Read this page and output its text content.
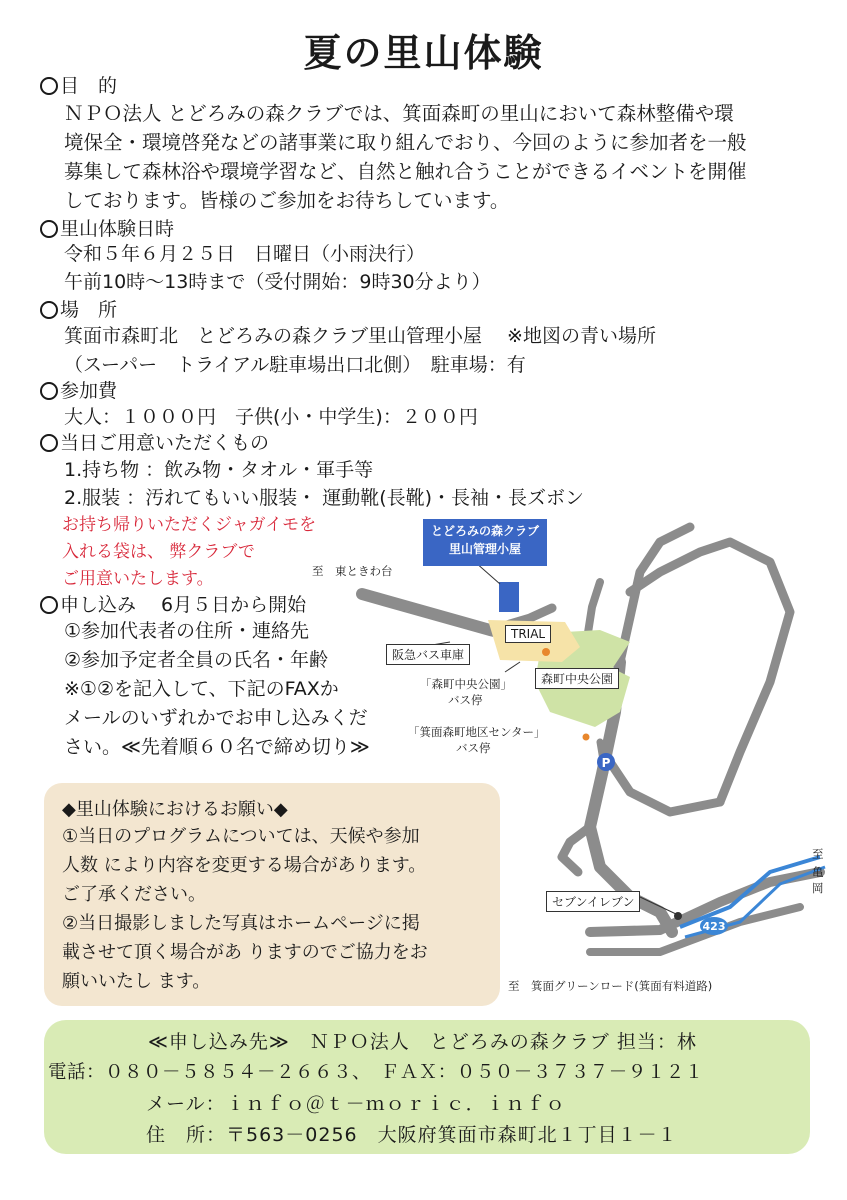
夏の里山体験
目　的
ＮＰＯ法人 とどろみの森クラブでは、箕面森町の里山において森林整備や環
境保全・環境啓発などの諸事業に取り組んでおり、今回のように参加者を一般
募集して森林浴や環境学習など、自然と触れ合うことができるイベントを開催
しております。皆様のご参加をお待ちしています。
里山体験日時
令和５年６月２５日　日曜日（小雨決行）
午前10時～13時まで（受付開始：9時30分より）
場　所
箕面市森町北　とどろみの森クラブ里山管理小屋　 ※地図の青い場所
（スーパー　トライアル駐車場出口北側）　駐車場：有
参加費
大人：１０００円　子供(小・中学生)：２００円
当日ご用意いただくもの
1.持ち物 ：飲み物・タオル・軍手等
2.服装 ：汚れてもいい服装・ 運動靴(長靴)・長袖・長ズボン
お持ち帰りいただくジャガイモを
入れる袋は、 弊クラブで
ご用意いたします。
申し込み　 6月５日から開始
①参加代表者の住所・連絡先
②参加予定者全員の氏名・年齢
※①②を記入して、下記のFAXか
メールのいずれかでお申し込みくだ
さい。≪先着順６０名で締め切り≫
423
P
とどろみの森クラブ
里山管理小屋
至　東ときわ台
TRIAL
阪急バス車庫
森町中央公園
「森町中央公園」
バス停
「箕面森町地区センター」
バス停
至
亀
岡
セブンイレブン
至　箕面グリーンロード(箕面有料道路)
◆里山体験におけるお願い◆
①当日のプログラムについては、天候や参加
人数 により内容を変更する場合があります。
ご了承ください。
②当日撮影しました写真はホームページに掲
載させて頂く場合があ りますのでご協力をお
願いいたし ます。
≪申し込み先≫　ＮＰＯ法人　とどろみの森クラブ 担当：林
電話：０８０－５８５４－２６６３、　ＦＡＸ：０５０－３７３７－９１２１
メール：ｉｎｆｏ＠ｔ－ｍｏｒｉｃ．ｉｎｆｏ
住　所：〒563－0256　大阪府箕面市森町北１丁目１－１
